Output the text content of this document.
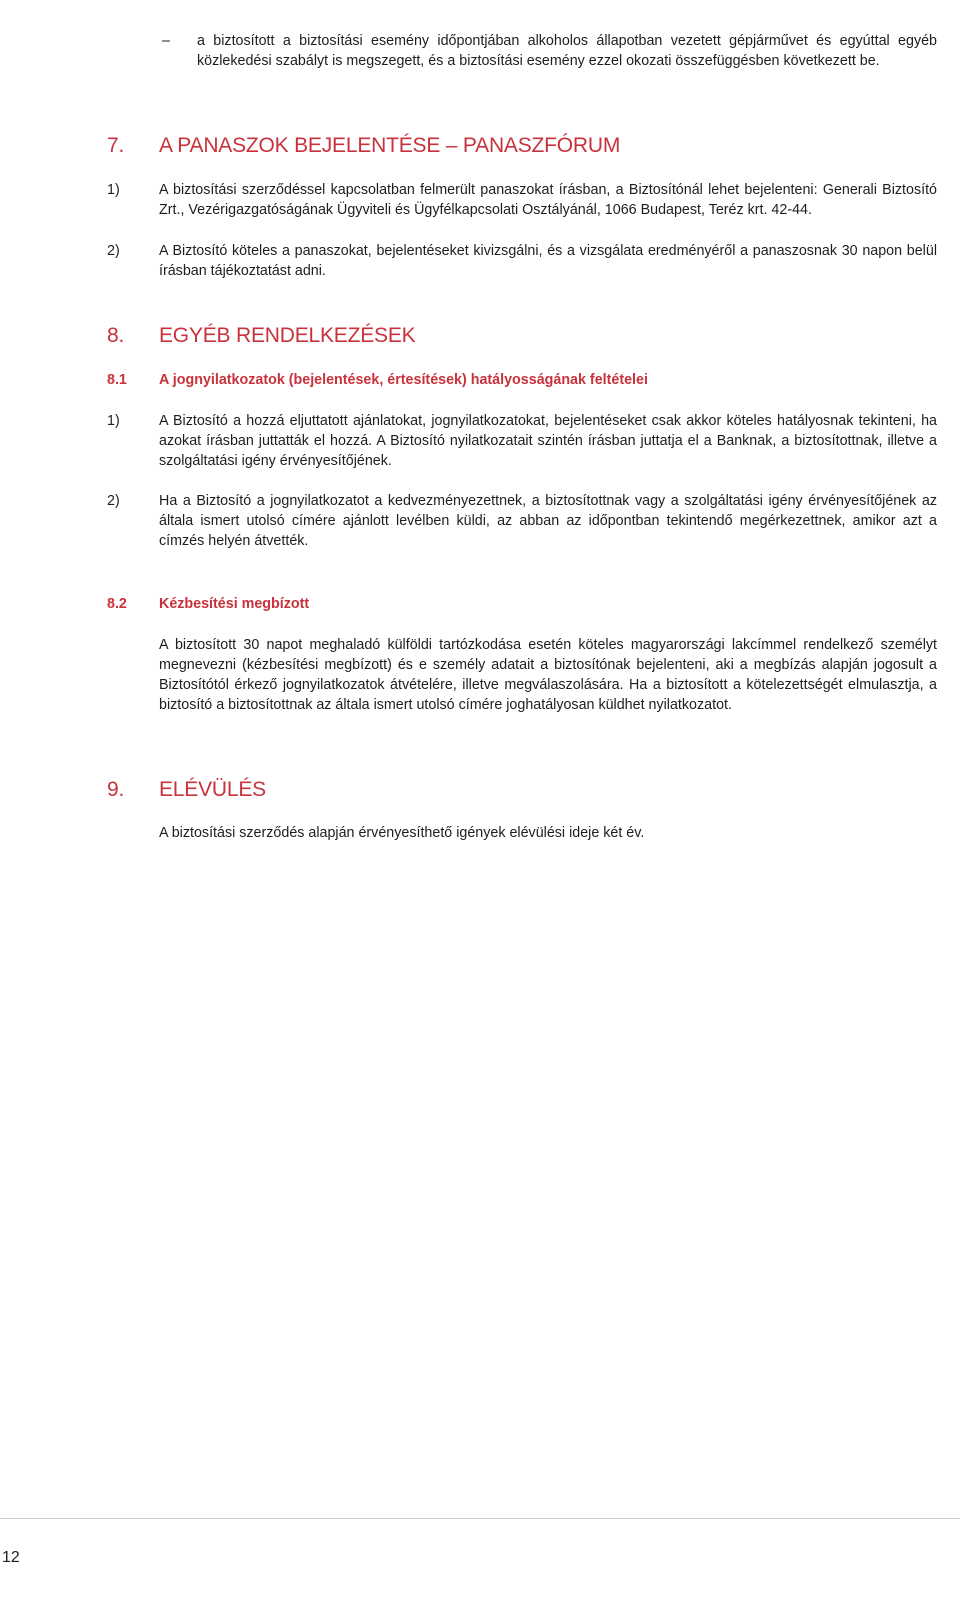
– a biztosított a biztosítási esemény időpontjában alkoholos állapotban vezetett gépjárművet és egyúttal egyéb közlekedési szabályt is megszegett, és a biztosítási esemény ezzel okozati összefüggésben következett be.
7. A PANASZOK BEJELENTÉSE – PANASZFÓRUM
1)	A biztosítási szerződéssel kapcsolatban felmerült panaszokat írásban, a Biztosítónál lehet bejelenteni: Generali Biztosító Zrt., Vezérigazgatóságának Ügyviteli és Ügyfélkapcsolati Osztályánál, 1066 Budapest, Teréz krt. 42-44.
2)	A Biztosító köteles a panaszokat, bejelentéseket kivizsgálni, és a vizsgálata eredményéről a panaszosnak 30 napon belül írásban tájékoztatást adni.
8. EGYÉB RENDELKEZÉSEK
8.1 A jognyilatkozatok (bejelentések, értesítések) hatályosságának feltételei
1)	A Biztosító a hozzá eljuttatott ajánlatokat, jognyilatkozatokat, bejelentéseket csak akkor köteles hatályosnak tekinteni, ha azokat írásban juttatták el hozzá. A Biztosító nyilatkozatait szintén írásban juttatja el a Banknak, a biztosítottnak, illetve a szolgáltatási igény érvényesítőjének.
2)	Ha a Biztosító a jognyilatkozatot a kedvezményezettnek, a biztosítottnak vagy a szolgáltatási igény érvényesítőjének az általa ismert utolsó címére ajánlott levélben küldi, az abban az időpontban tekintendő megérkezettnek, amikor azt a címzés helyén átvették.
8.2 Kézbesítési megbízott
A biztosított 30 napot meghaladó külföldi tartózkodása esetén köteles magyarországi lakcímmel rendelkező személyt megnevezni (kézbesítési megbízott) és e személy adatait a biztosítónak bejelenteni, aki a megbízás alapján jogosult a Biztosítótól érkező jognyilatkozatok átvételére, illetve megválaszolására. Ha a biztosított a kötelezettségét elmulasztja, a biztosító a biztosítottnak az általa ismert utolsó címére joghatályosan küldhet nyilatkozatot.
9. ELÉVÜLÉS
A biztosítási szerződés alapján érvényesíthető igények elévülési ideje két év.
12
